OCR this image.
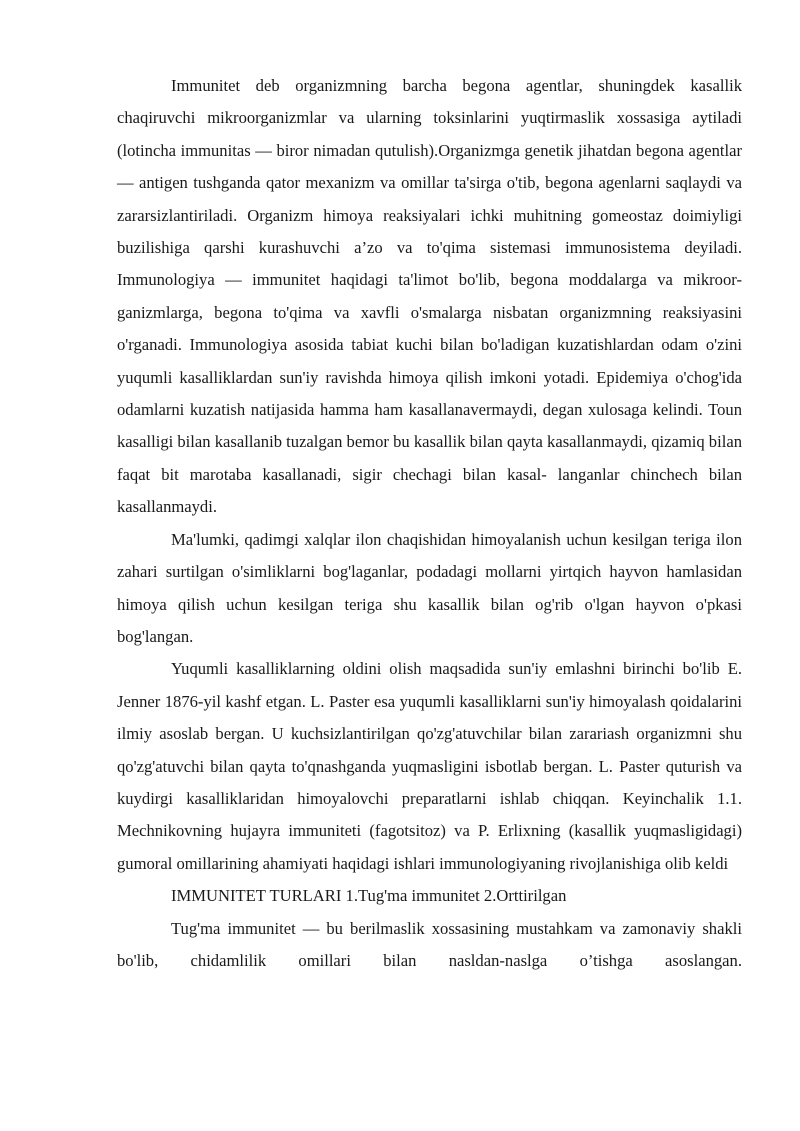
Immunitet deb organizmning barcha begona agentlar, shuningdek kasallik chaqiruvchi mikroorganizmlar va ularning toksinlarini yuqtirmaslik xossasiga aytiladi (lotincha immunitas — biror nimadan qutulish).Organizmga genetik jihatdan begona agentlar — antigen tushganda qator mexanizm va omillar ta'sirga o'tib, begona agenlarni saqlaydi va zararsizlantiriladi. Organizm himoya reaksiyalari ichki muhitning gomeostaz doimiyligi buzilishiga qarshi kurashuvchi a’zo va to'qima sistemasi immunosistema deyiladi. Immunologiya — immunitet haqidagi ta'limot bo'lib, begona moddalarga va mikroor- ganizmlarga, begona to'qima va xavfli o'smalarga nisbatan organizmning reaksiyasini o'rganadi. Immunologiya asosida tabiat kuchi bilan bo'ladigan kuzatishlardan odam o'zini yuqumli kasalliklardan sun'iy ravishda himoya qilish imkoni yotadi. Epidemiya o'chog'ida odamlarni kuzatish natijasida hamma ham kasallanavermaydi, degan xulosaga kelindi. Toun kasalligi bilan kasallanib tuzalgan bemor bu kasallik bilan qayta kasallanmaydi, qizamiq bilan faqat bit marotaba kasallanadi, sigir chechagi bilan kasal- langanlar chinchech bilan kasallanmaydi.

Ma'lumki, qadimgi xalqlar ilon chaqishidan himoyalanish uchun kesilgan teriga ilon zahari surtilgan o'simliklarni bog'laganlar, podadagi mollarni yirtqich hayvon hamlasidan himoya qilish uchun kesilgan teriga shu kasallik bilan og'rib o'lgan hayvon o'pkasi bog'langan.

Yuqumli kasalliklarning oldini olish maqsadida sun'iy emlashni birinchi bo'lib E. Jenner 1876-yil kashf etgan. L. Paster esa yuqumli kasalliklarni sun'iy himoyalash qoidalarini ilmiy asoslab bergan. U kuchsizlantirilgan qo'zg'atuvchilar bilan zarariash organizmni shu qo'zg'atuvchi bilan qayta to'qnashganda yuqmasligini isbotlab bergan. L. Paster quturish va kuydirgi kasalliklaridan himoyalovchi preparatlarni ishlab chiqqan. Keyinchalik 1.1. Mechnikovning hujayra immuniteti (fagotsitoz) va P. Erlixning (kasallik yuqmasligidagi) gumoral omillarining ahamiyati haqidagi ishlari immunologiyaning rivojlanishiga olib keldi

IMMUNITET TURLARI 1.Tug'ma immunitet 2.Orttirilgan

Tug'ma immunitet — bu berilmaslik xossasining mustahkam va zamonaviy shakli bo'lib, chidamlilik omillari bilan nasldan-naslga o’tishga asoslangan.
